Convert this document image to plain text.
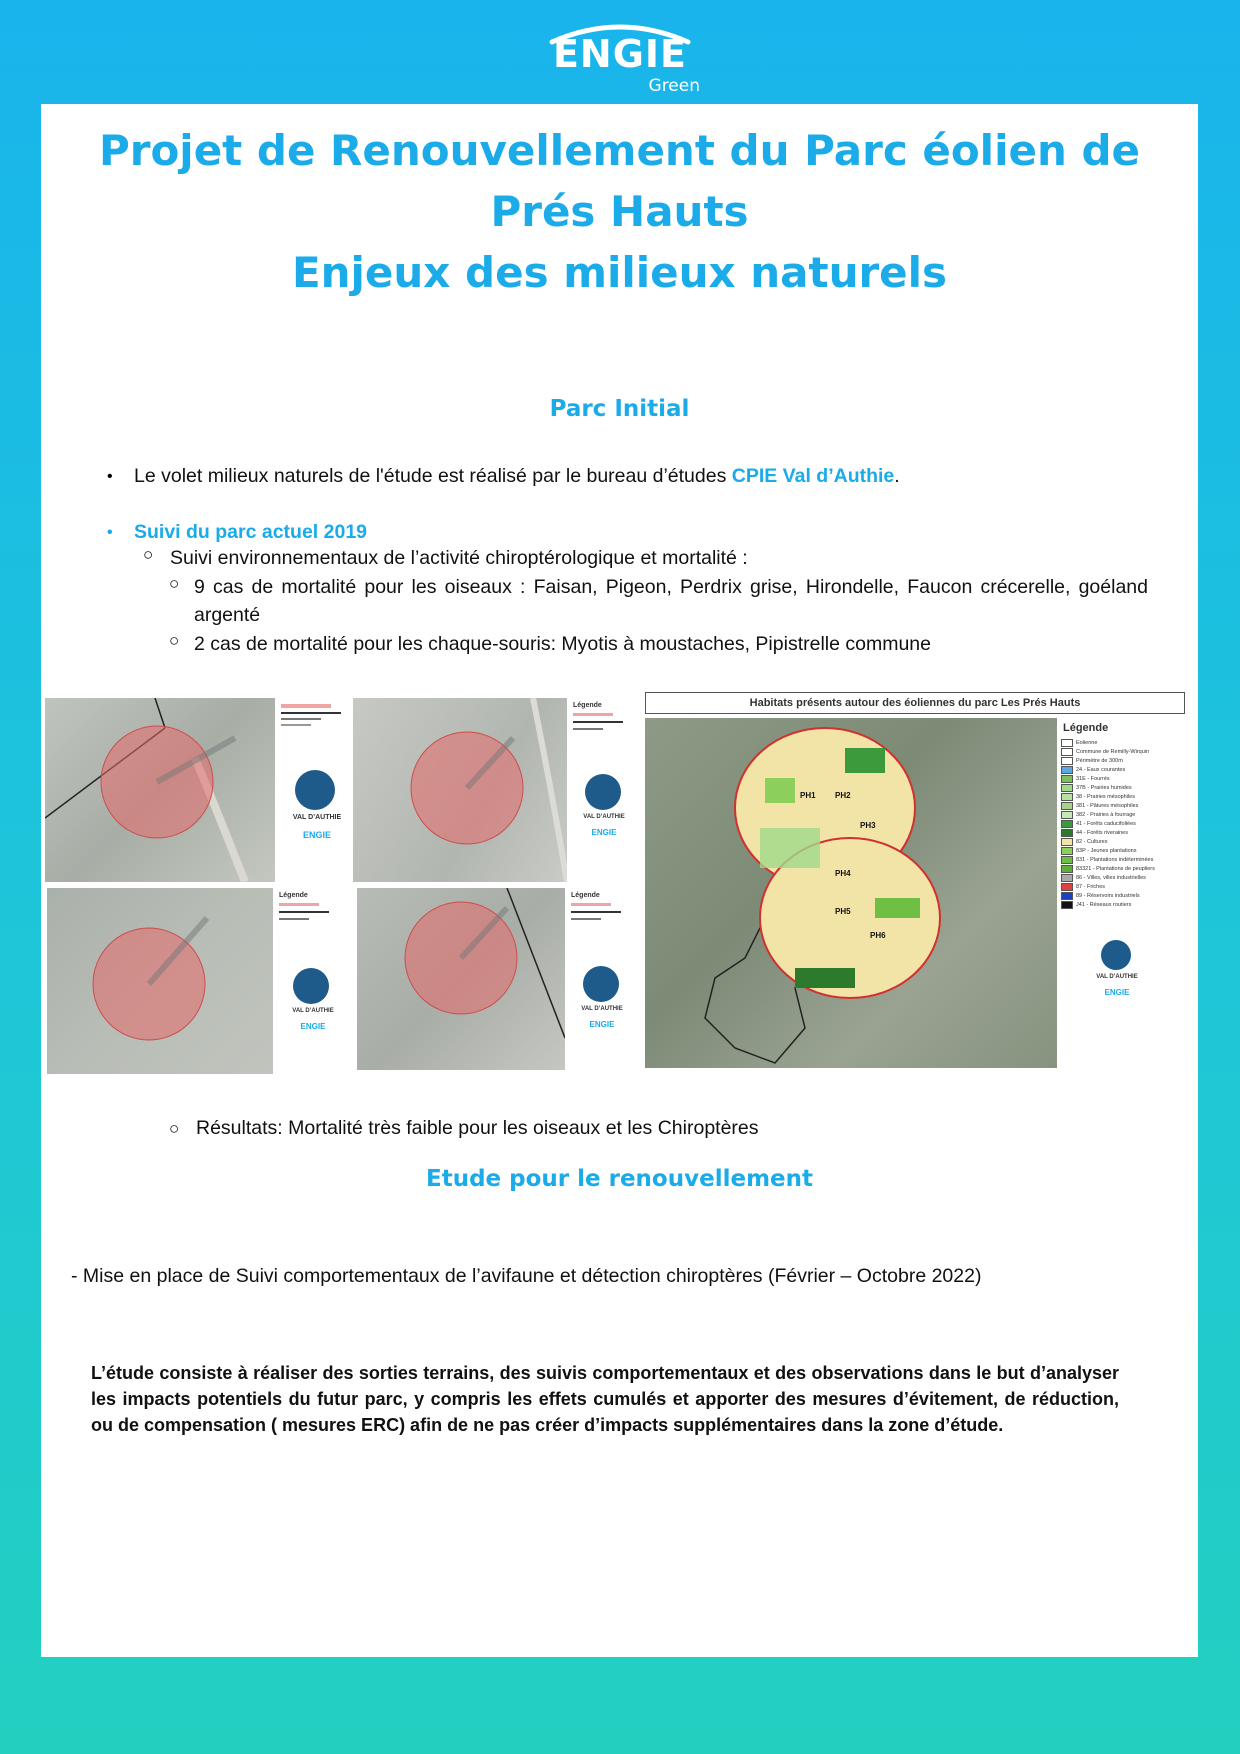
ENGIE
Green
Projet de Renouvellement du Parc éolien de
Prés Hauts
Enjeux des milieux naturels
Parc Initial
• Le volet milieux naturels de l'étude est réalisé par le bureau d’études CPIE Val d’Authie.
• Suivi du parc actuel 2019
○ Suivi environnementaux de l’activité chiroptérologique et mortalité :
○ 9 cas de mortalité pour les oiseaux : Faisan, Pigeon, Perdrix grise, Hirondelle, Faucon crécerelle, goéland argenté
○ 2 cas de mortalité pour les chaque-souris: Myotis à moustaches, Pipistrelle commune
VAL D’AUTHIE
ENGIE
Légende
VAL D’AUTHIE
ENGIE
Légende
VAL D’AUTHIE
ENGIE
Légende
VAL D’AUTHIE
ENGIE
Habitats présents autour des éoliennes du parc Les Prés Hauts
PH1 PH2
PH3
PH4
PH5
PH6
Légende
Eolienne
Commune de Remilly-Wirquin
Périmètre de 300m
24 - Eaux courantes
31E - Fourrés
37B - Prairies humides
38 - Prairies mésophiles
381 - Pâtures mésophiles
382 - Prairies à fourrage
41 - Forêts caducifoliées
44 - Forêts riveraines
82 - Cultures
83P - Jeunes plantations
831 - Plantations indéterminées
83321 - Plantations de peupliers
86 - Villes, villes industrielles
87 - Friches
89 - Réservoirs industriels
J41 - Réseaux routiers
VAL D’AUTHIE
ENGIE
○ Résultats: Mortalité très faible pour les oiseaux et les Chiroptères
Etude pour le renouvellement
- Mise en place de Suivi comportementaux de l’avifaune et détection chiroptères (Février – Octobre 2022)
L’étude consiste à réaliser des sorties terrains, des suivis comportementaux et des observations dans le but d’analyser les impacts potentiels du futur parc, y compris les effets cumulés et apporter des mesures d’évitement, de réduction, ou de compensation ( mesures ERC) afin de ne pas créer d’impacts supplémentaires dans la zone d’étude.
